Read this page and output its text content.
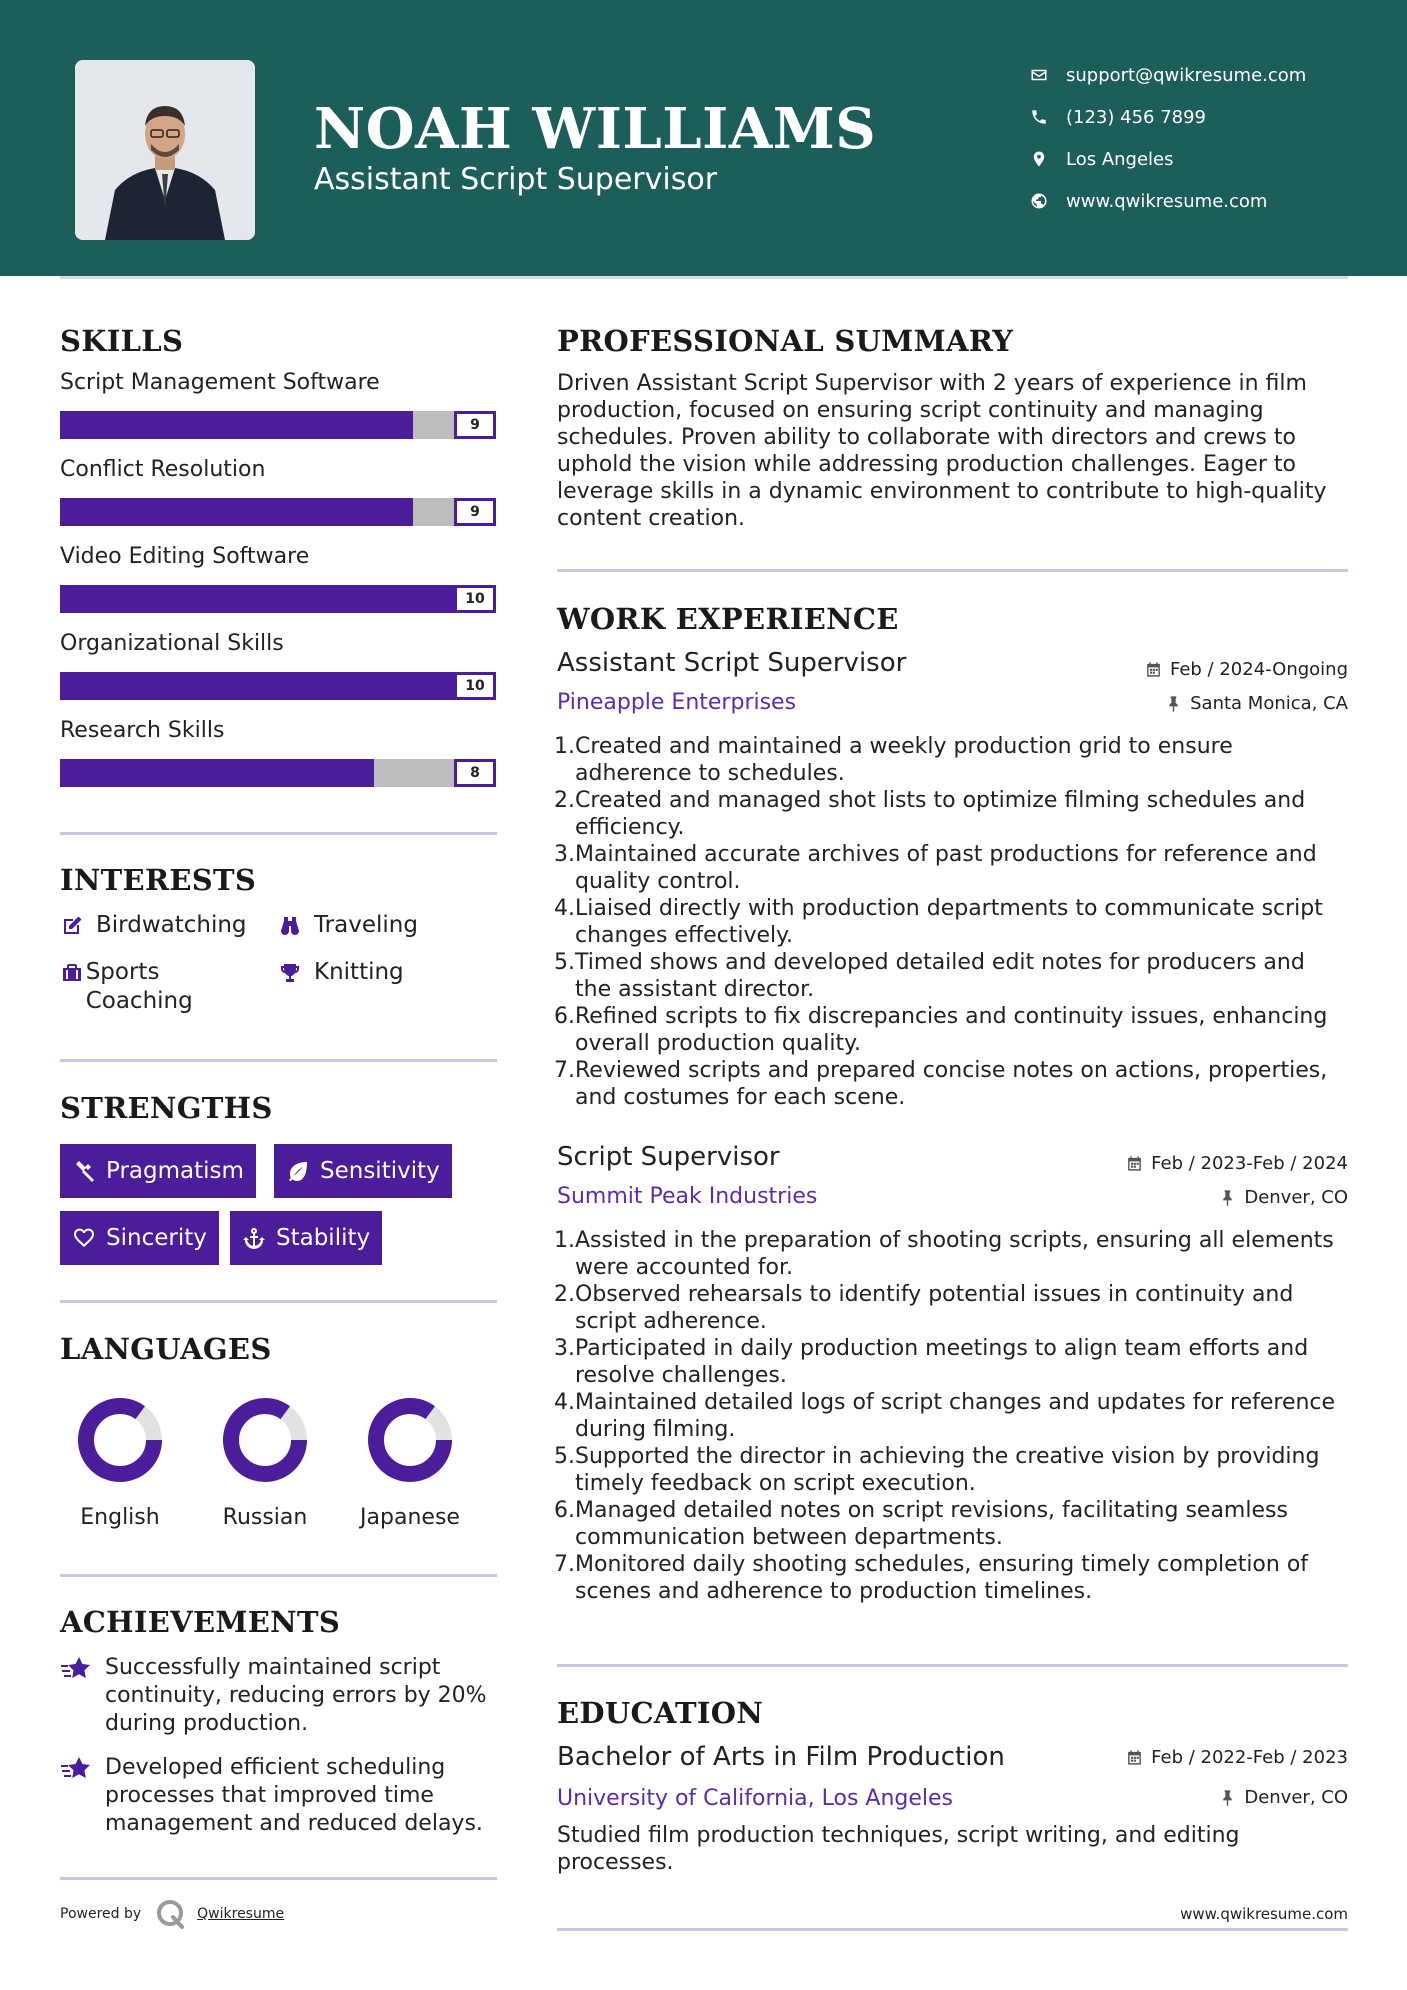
NOAH WILLIAMS
Assistant Script Supervisor
support@qwikresume.com
(123) 456 7899
Los Angeles
www.qwikresume.com
SKILLS
Script Management Software
9
Conflict Resolution
9
Video Editing Software
10
Organizational Skills
10
Research Skills
8
INTERESTS
Birdwatching	Traveling
Sports Coaching
Knitting
STRENGTHS
Pragmatism	Sensitivity
Sincerity	Stability
LANGUAGES
English	Russian	Japanese
ACHIEVEMENTS
Successfully maintained script continuity, reducing errors by 20% during production.
Developed efficient scheduling processes that improved time management and reduced delays.
Powered by	Qwikresume
PROFESSIONAL SUMMARY
Driven Assistant Script Supervisor with 2 years of experience in film production, focused on ensuring script continuity and managing schedules. Proven ability to collaborate with directors and crews to uphold the vision while addressing production challenges. Eager to leverage skills in a dynamic environment to contribute to high-quality content creation.
WORK EXPERIENCE
Assistant Script Supervisor	Feb / 2024-Ongoing
Pineapple Enterprises	Santa Monica, CA
Created and maintained a weekly production grid to ensure adherence to schedules.
Created and managed shot lists to optimize filming schedules and efficiency.
Maintained accurate archives of past productions for reference and quality control.
Liaised directly with production departments to communicate script changes effectively.
Timed shows and developed detailed edit notes for producers and the assistant director.
Refined scripts to fix discrepancies and continuity issues, enhancing overall production quality.
Reviewed scripts and prepared concise notes on actions, properties, and costumes for each scene.
Script Supervisor	Feb / 2023-Feb / 2024
Summit Peak Industries	Denver, CO
Assisted in the preparation of shooting scripts, ensuring all elements were accounted for.
Observed rehearsals to identify potential issues in continuity and script adherence.
Participated in daily production meetings to align team efforts and resolve challenges.
Maintained detailed logs of script changes and updates for reference during filming.
Supported the director in achieving the creative vision by providing timely feedback on script execution.
Managed detailed notes on script revisions, facilitating seamless communication between departments.
Monitored daily shooting schedules, ensuring timely completion of scenes and adherence to production timelines.
EDUCATION
Bachelor of Arts in Film Production	Feb / 2022-Feb / 2023
University of California, Los Angeles	Denver, CO
Studied film production techniques, script writing, and editing processes.
www.qwikresume.com
